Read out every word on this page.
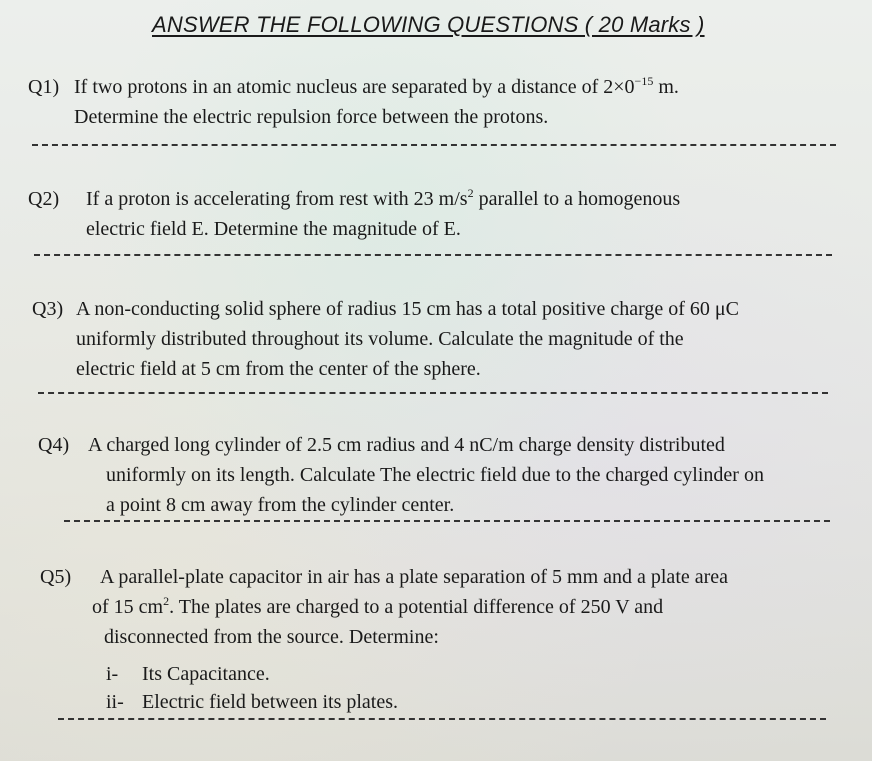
ANSWER THE FOLLOWING QUESTIONS ( 20 Marks )
Q1) If two protons in an atomic nucleus are separated by a distance of $2\times 0^{-15}$ m.
Determine the electric repulsion force between the protons.
Q2) If a proton is accelerating from rest with 23 $m/s^2$ parallel to a homogenous
electric field E. Determine the magnitude of E.
Q3) A non-conducting solid sphere of radius 15 cm has a total positive charge of 60 μC
uniformly distributed throughout its volume. Calculate the magnitude of the
electric field at 5 cm from the center of the sphere.
Q4) A charged long cylinder of 2.5 cm radius and 4 nC/m charge density distributed
uniformly on its length. Calculate The electric field due to the charged cylinder on
a point 8 cm away from the cylinder center.
Q5) A parallel-plate capacitor in air has a plate separation of 5 mm and a plate area
of 15 $cm^2$. The plates are charged to a potential difference of 250 V and
disconnected from the source. Determine:
i- Its Capacitance.
ii- Electric field between its plates.
